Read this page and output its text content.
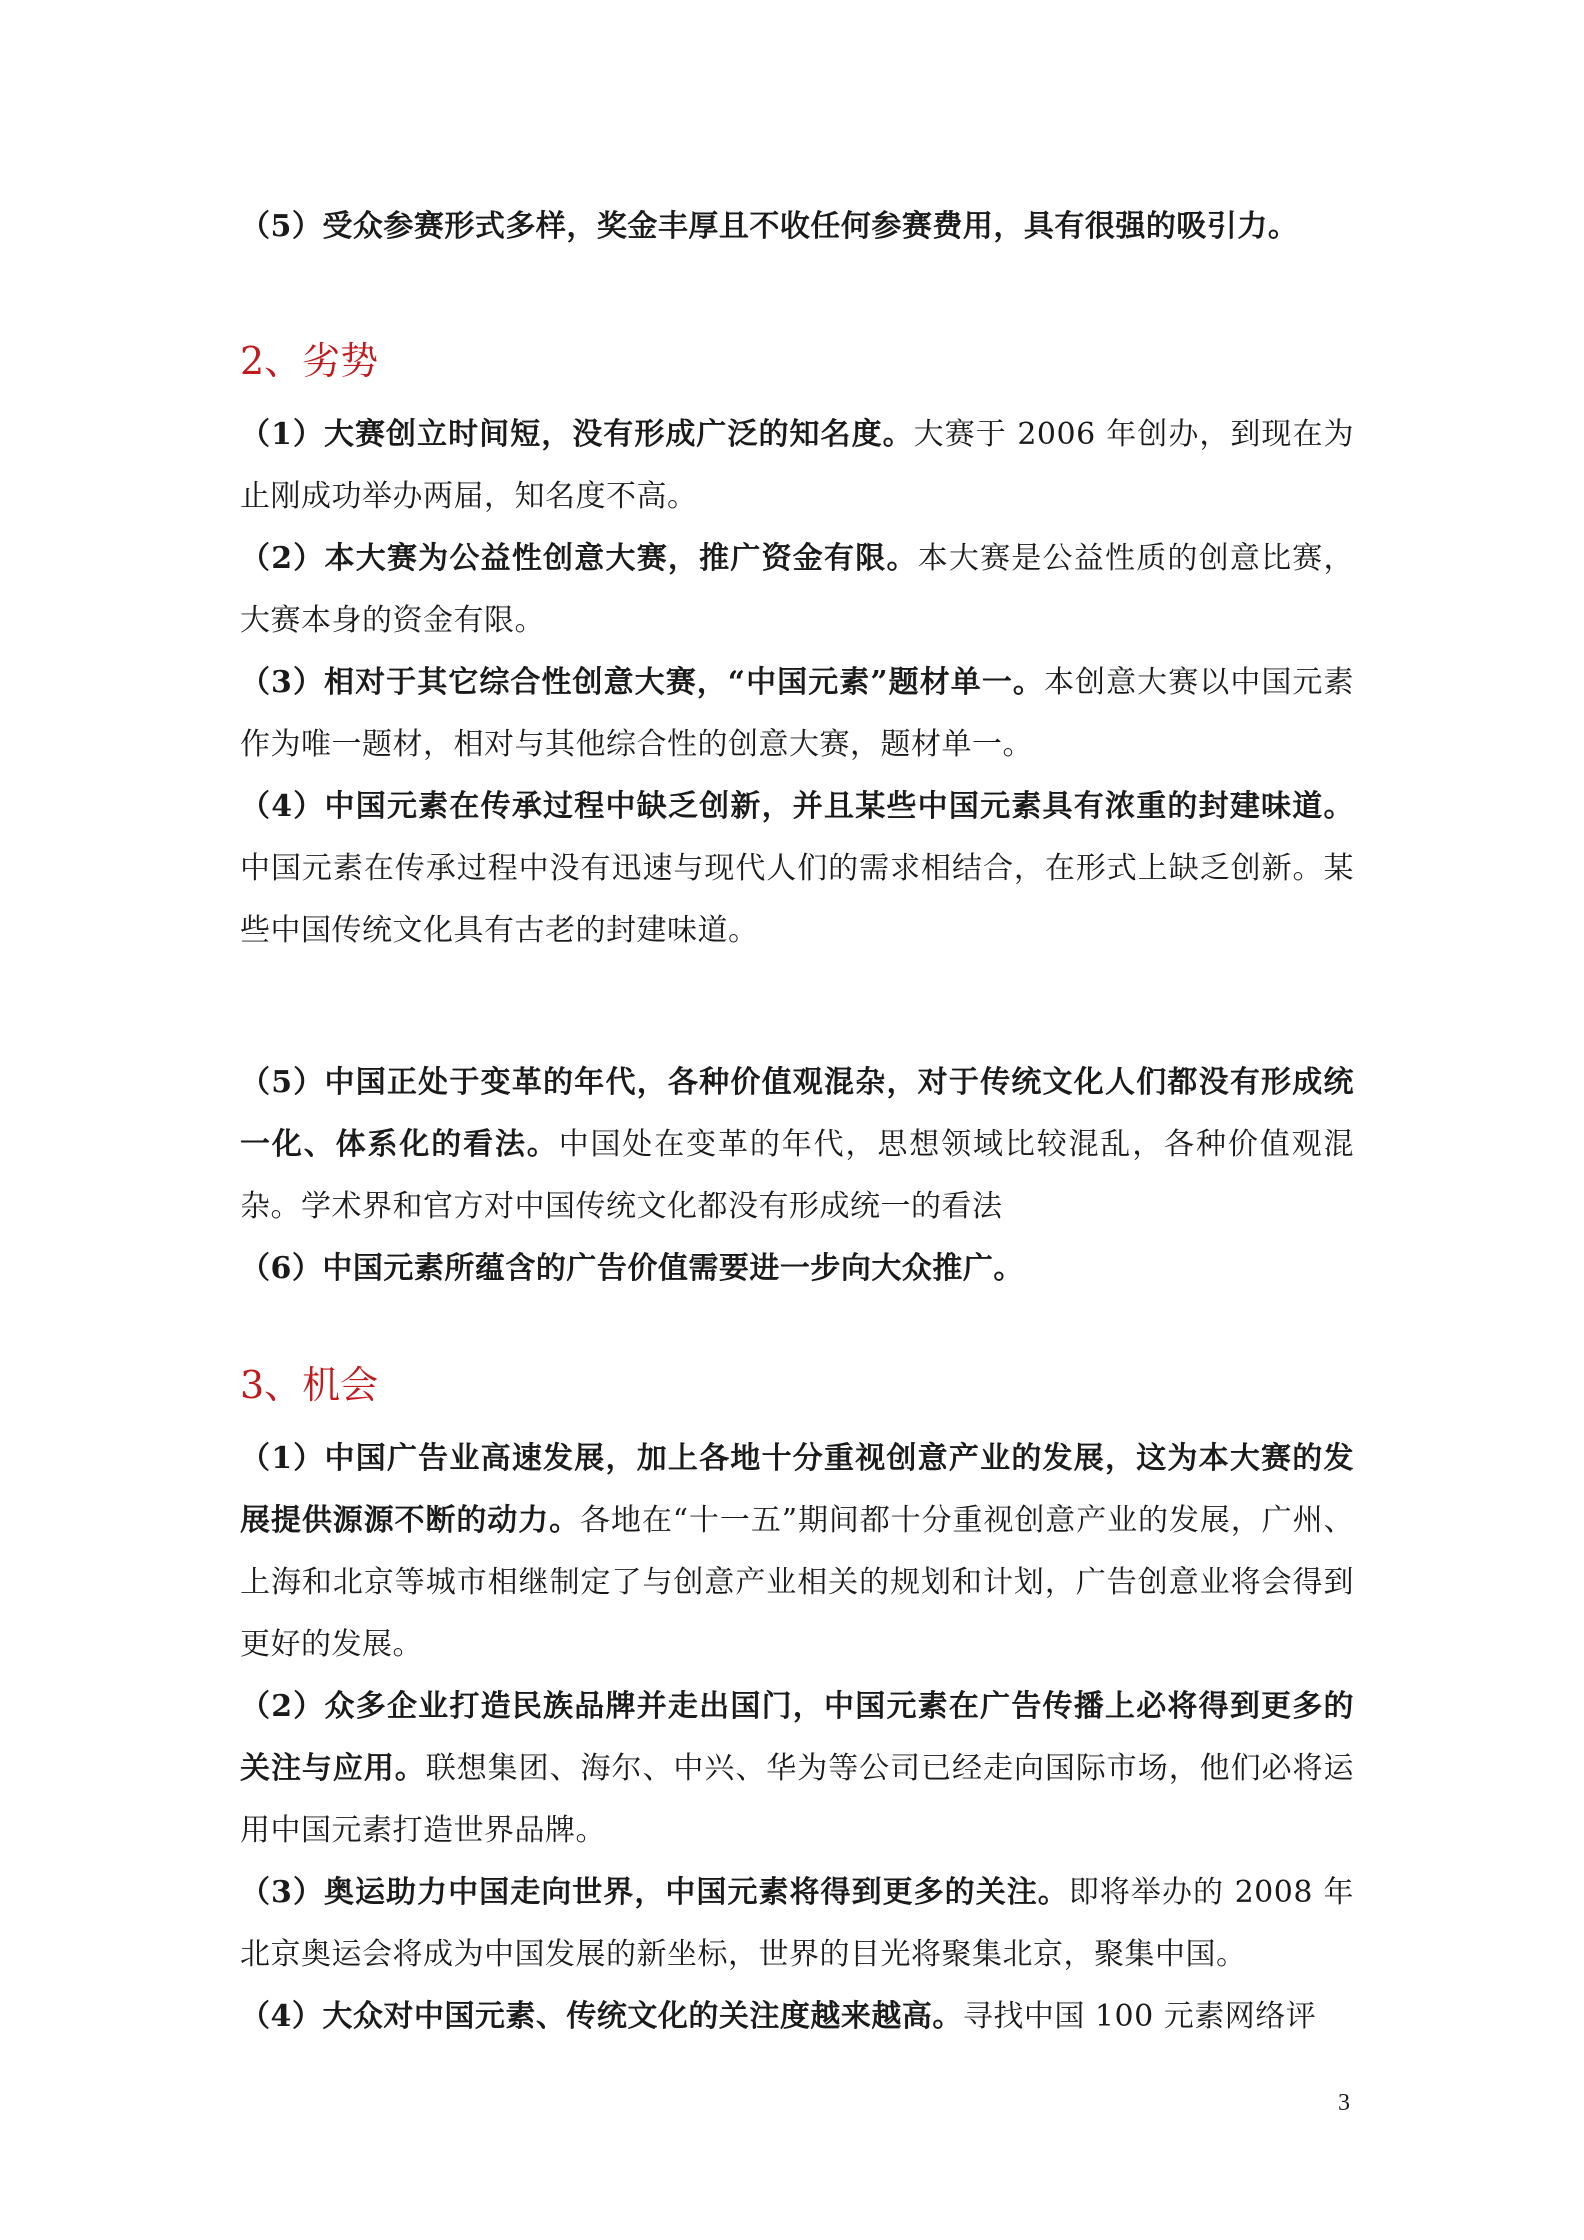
（5）受众参赛形式多样，奖金丰厚且不收任何参赛费用，具有很强的吸引力。

2、劣势

（1）大赛创立时间短，没有形成广泛的知名度。大赛于 2006 年创办，到现在为止刚成功举办两届，知名度不高。

（2）本大赛为公益性创意大赛，推广资金有限。本大赛是公益性质的创意比赛，大赛本身的资金有限。

（3）相对于其它综合性创意大赛，“中国元素”题材单一。本创意大赛以中国元素作为唯一题材，相对与其他综合性的创意大赛，题材单一。

（4）中国元素在传承过程中缺乏创新，并且某些中国元素具有浓重的封建味道。中国元素在传承过程中没有迅速与现代人们的需求相结合，在形式上缺乏创新。某些中国传统文化具有古老的封建味道。

（5）中国正处于变革的年代，各种价值观混杂，对于传统文化人们都没有形成统一化、体系化的看法。中国处在变革的年代，思想领域比较混乱，各种价值观混杂。学术界和官方对中国传统文化都没有形成统一的看法

（6）中国元素所蕴含的广告价值需要进一步向大众推广。

3、机会

（1）中国广告业高速发展，加上各地十分重视创意产业的发展，这为本大赛的发展提供源源不断的动力。各地在“十一五”期间都十分重视创意产业的发展，广州、上海和北京等城市相继制定了与创意产业相关的规划和计划，广告创意业将会得到更好的发展。

（2）众多企业打造民族品牌并走出国门，中国元素在广告传播上必将得到更多的关注与应用。联想集团、海尔、中兴、华为等公司已经走向国际市场，他们必将运用中国元素打造世界品牌。

（3）奥运助力中国走向世界，中国元素将得到更多的关注。即将举办的 2008 年北京奥运会将成为中国发展的新坐标，世界的目光将聚集北京，聚集中国。

（4）大众对中国元素、传统文化的关注度越来越高。寻找中国 100 元素网络评

3
